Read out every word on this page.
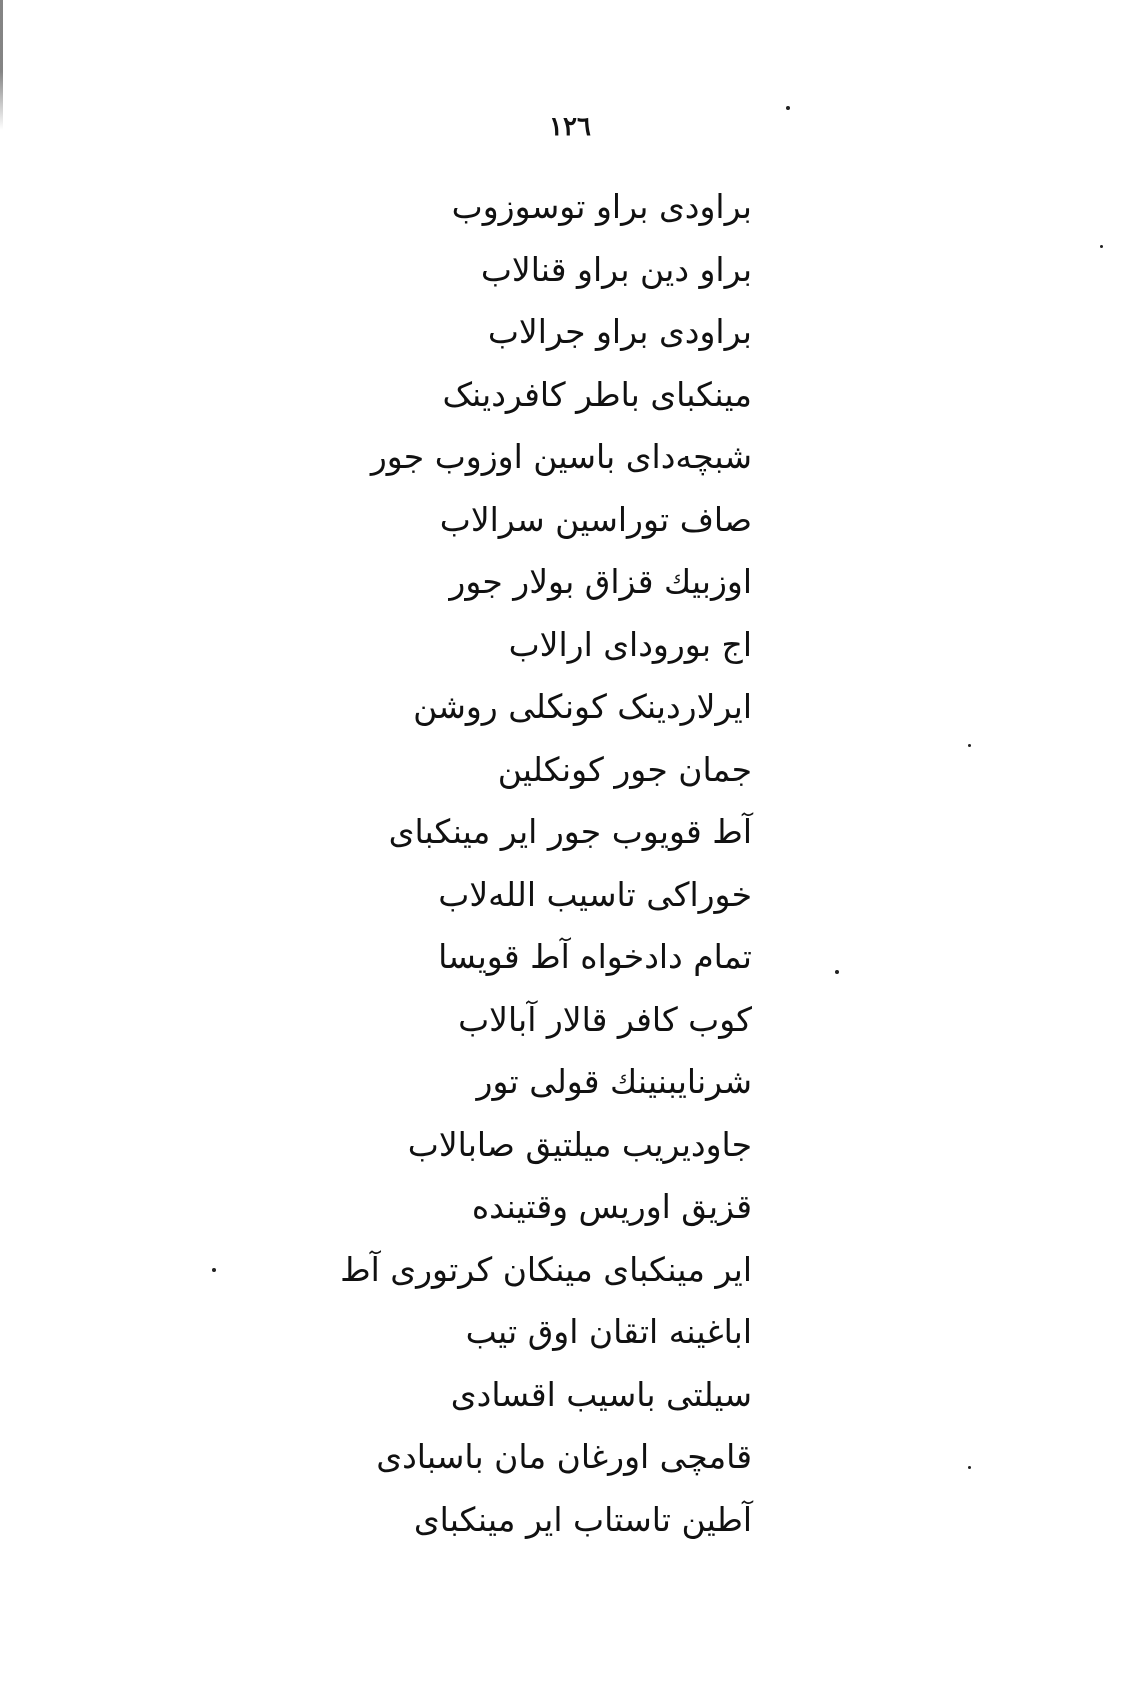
۱۲٦
براودی براو توسوزوب
براو دین براو قنالاب
براودی براو جرالاب
مینکبای باطر کافردینک
شبچه‌دای باسین اوزوب جور
صاف توراسین سرالاب
اوزبیك قزاق بولار جور
اج بورودای ارالاب
ایرلاردینک کونکلی روشن
جمان جور کونکلین
آط قویوب جور ایر مینکبای
خوراکی تاسیب الله‌لاب
تمام دادخواه آط قویسا
کوب کافر قالار آبالاب
شرنایبنینك قولی تور
جاودیریب میلتیق صابالاب
قزیق اوریس وقتینده
ایر مینکبای مینکان کرتوری آط
اباغینه اتقان اوق تیب
سیلتی باسیب اقسادی
قامچی اورغان مان باسبادی
آطین تاستاب ایر مینکبای
